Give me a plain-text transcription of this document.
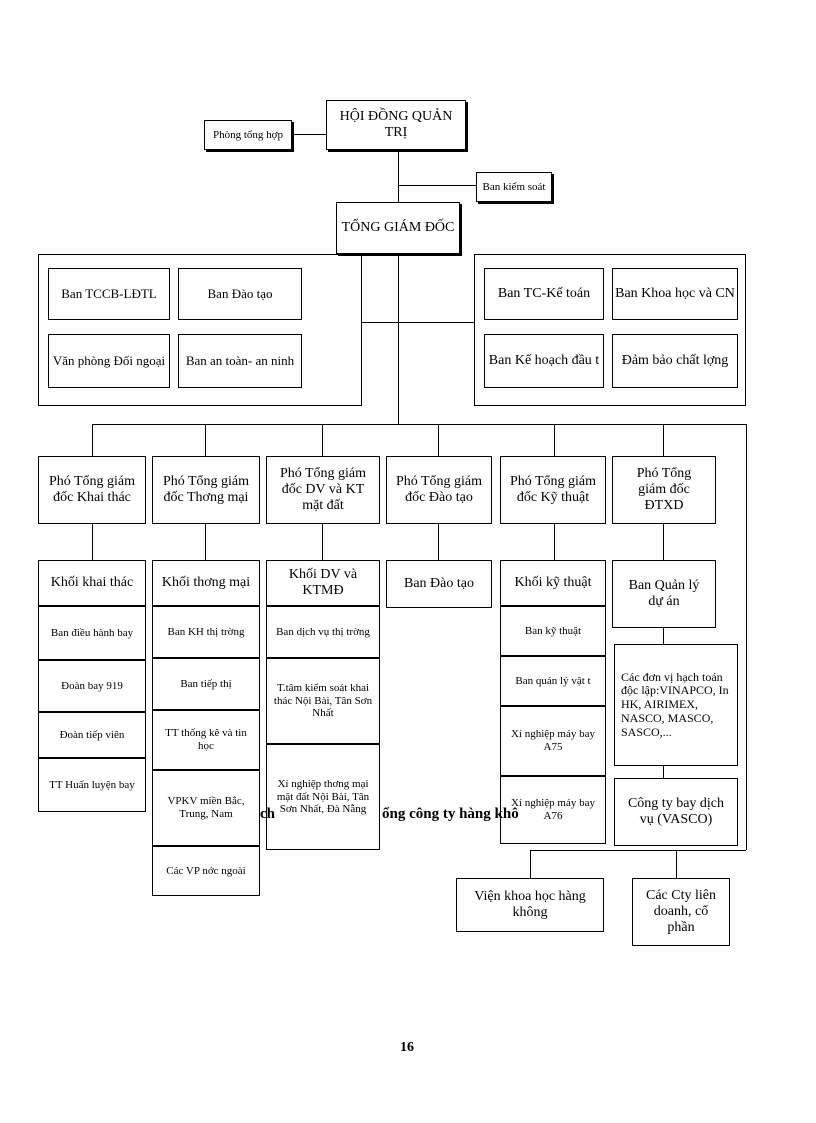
HỘI ĐỒNG QUẢN TRỊ
Phòng tổng hợp
Ban kiểm soát
TỔNG GIÁM ĐỐC
Ban TCCB-LĐTL	Ban Đào tạo
Văn phòng Đối ngoại	Ban an toàn- an ninh
Ban TC-Kế toán	Ban Khoa học và CN
Ban Kế hoạch đầu t	Đảm bảo chất lợng
Phó Tổng giám đốc Khai thác
Phó Tổng giám đốc Thơng mại
Phó Tổng giám đốc DV và KT mặt đất
Phó Tổng giám đốc Đào tạo
Phó Tổng giám đốc Kỹ thuật
Phó Tổng giám đốc ĐTXD
Khối khai thác
Ban điều hành bay
Đoàn bay 919
Đoàn tiếp viên
TT Huấn luyện bay
Khối thơng mại
Ban KH thị trờng
Ban tiếp thị
TT thống kê và tin học
VPKV miền Bắc, Trung, Nam
Các VP nớc ngoài
Khối DV và KTMĐ
Ban dịch vụ thị trờng
T.tâm kiểm soát khai thác Nội Bài, Tân Sơn Nhất
Xí nghiệp thơng mại mặt đất Nội Bài, Tân Sơn Nhất, Đà Nẵng
Ban Đào tạo	Khối kỹ thuật
Ban kỹ thuật
Ban quản lý vật t
Xí nghiệp máy bay A75
Xí nghiệp máy bay A76
Ban Quản lý dự án
Các đơn vị hạch toán độc lập:VINAPCO, In HK, AIRIMEX, NASCO, MASCO, SASCO,...
Công ty bay dịch vụ (VASCO)
Viện khoa học hàng không
Các Cty liên doanh, cổ phần
ch	ổng công ty hàng khô
16
